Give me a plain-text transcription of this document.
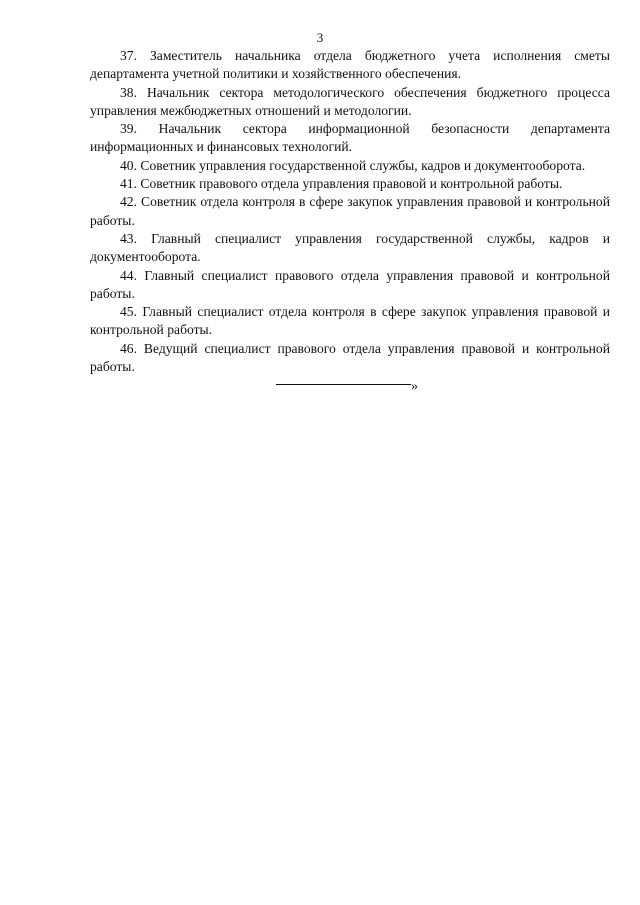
3

37. Заместитель начальника отдела бюджетного учета исполнения сметы департамента учетной политики и хозяйственного обеспечения.

38. Начальник сектора методологического обеспечения бюджетного процесса управления межбюджетных отношений и методологии.

39. Начальник сектора информационной безопасности департамента информационных и финансовых технологий.

40. Советник управления государственной службы, кадров и документооборота.

41. Советник правового отдела управления правовой и контрольной работы.

42. Советник отдела контроля в сфере закупок управления правовой и контрольной работы.

43. Главный специалист управления государственной службы, кадров и документооборота.

44. Главный специалист правового отдела управления правовой и контрольной работы.

45. Главный специалист отдела контроля в сфере закупок управления правовой и контрольной работы.

46. Ведущий специалист правового отдела управления правовой и контрольной работы.

»
